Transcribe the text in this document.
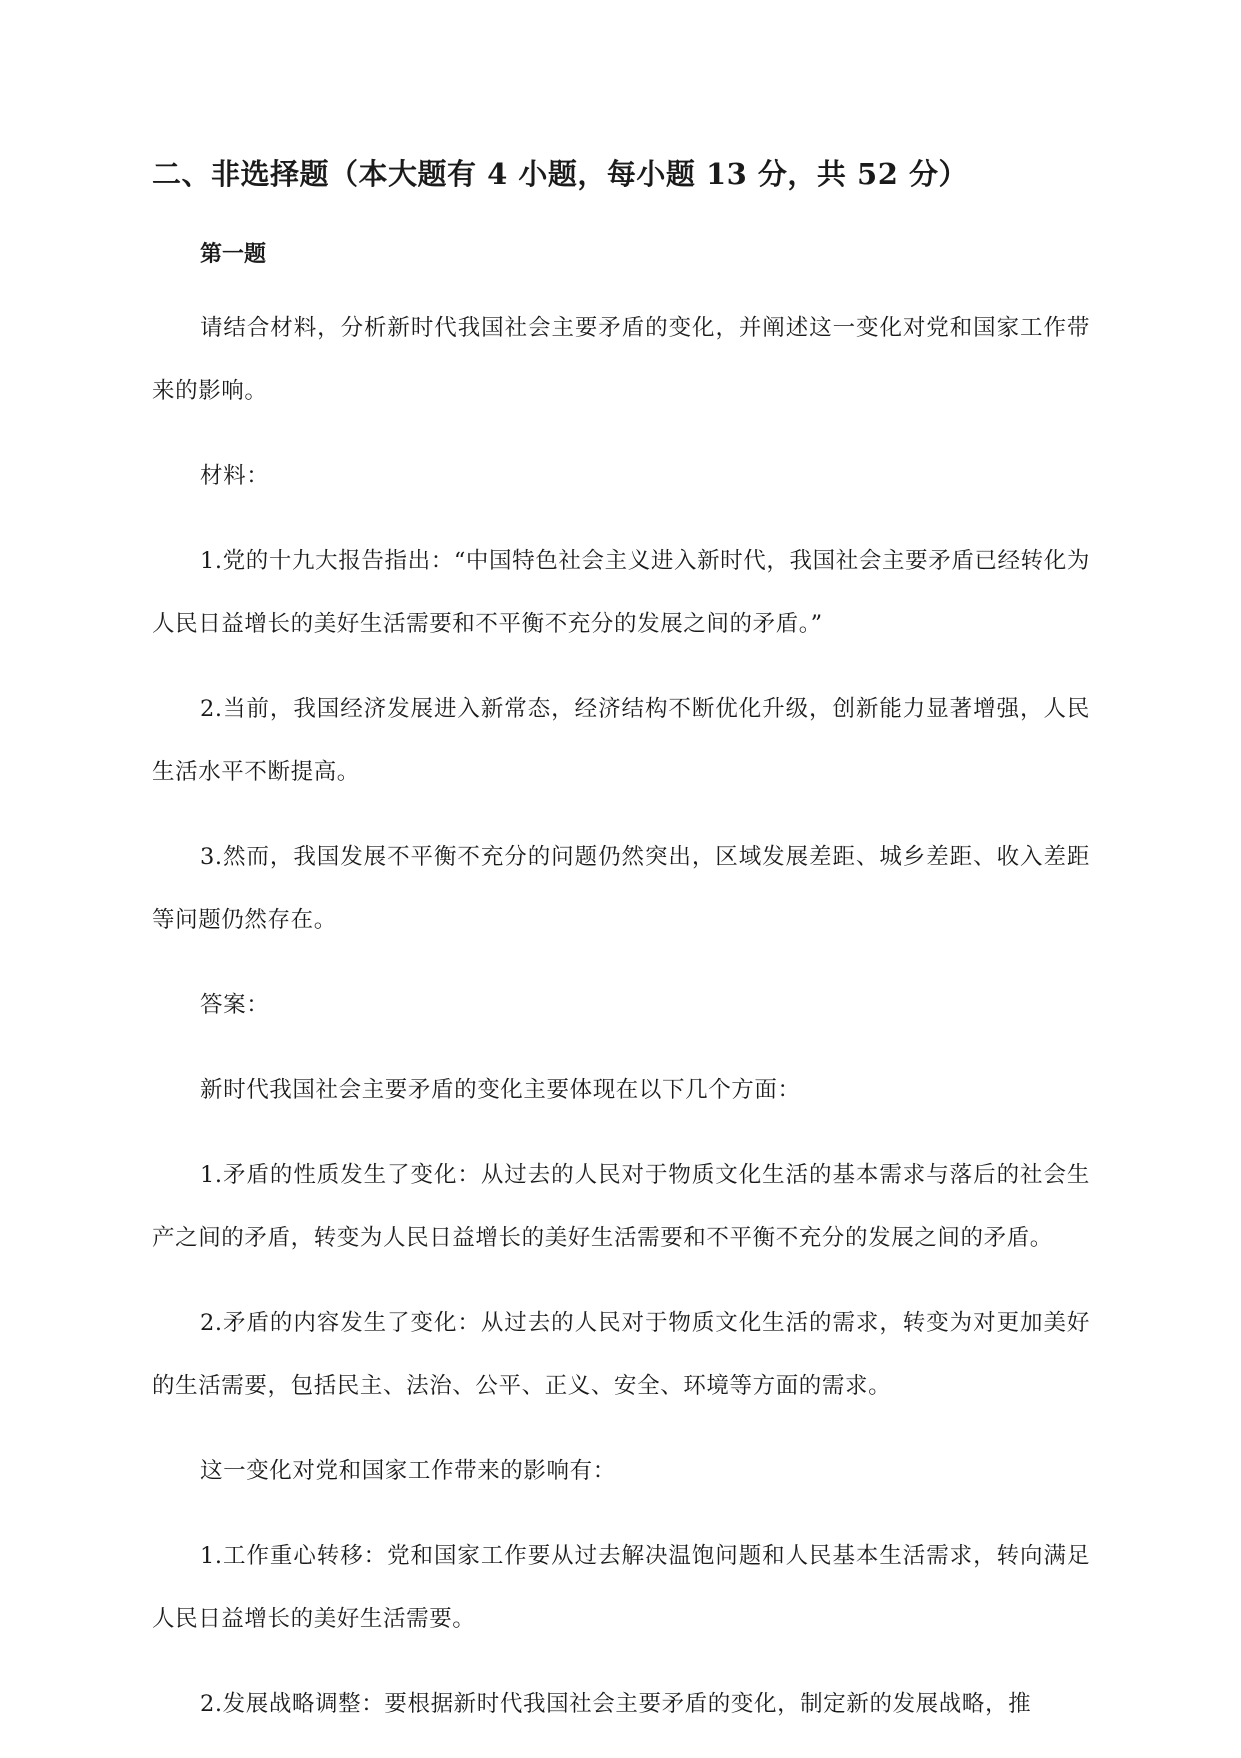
二、非选择题（本大题有 4 小题，每小题 13 分，共 52 分）
第一题

请结合材料，分析新时代我国社会主要矛盾的变化，并阐述这一变化对党和国家工作带来的影响。

材料：

1.党的十九大报告指出：“中国特色社会主义进入新时代，我国社会主要矛盾已经转化为人民日益增长的美好生活需要和不平衡不充分的发展之间的矛盾。”

2.当前，我国经济发展进入新常态，经济结构不断优化升级，创新能力显著增强，人民生活水平不断提高。

3.然而，我国发展不平衡不充分的问题仍然突出，区域发展差距、城乡差距、收入差距等问题仍然存在。

答案：

新时代我国社会主要矛盾的变化主要体现在以下几个方面：

1.矛盾的性质发生了变化：从过去的人民对于物质文化生活的基本需求与落后的社会生产之间的矛盾，转变为人民日益增长的美好生活需要和不平衡不充分的发展之间的矛盾。

2.矛盾的内容发生了变化：从过去的人民对于物质文化生活的需求，转变为对更加美好的生活需要，包括民主、法治、公平、正义、安全、环境等方面的需求。

这一变化对党和国家工作带来的影响有：

1.工作重心转移：党和国家工作要从过去解决温饱问题和人民基本生活需求，转向满足人民日益增长的美好生活需要。

2.发展战略调整：要根据新时代我国社会主要矛盾的变化，制定新的发展战略，推
